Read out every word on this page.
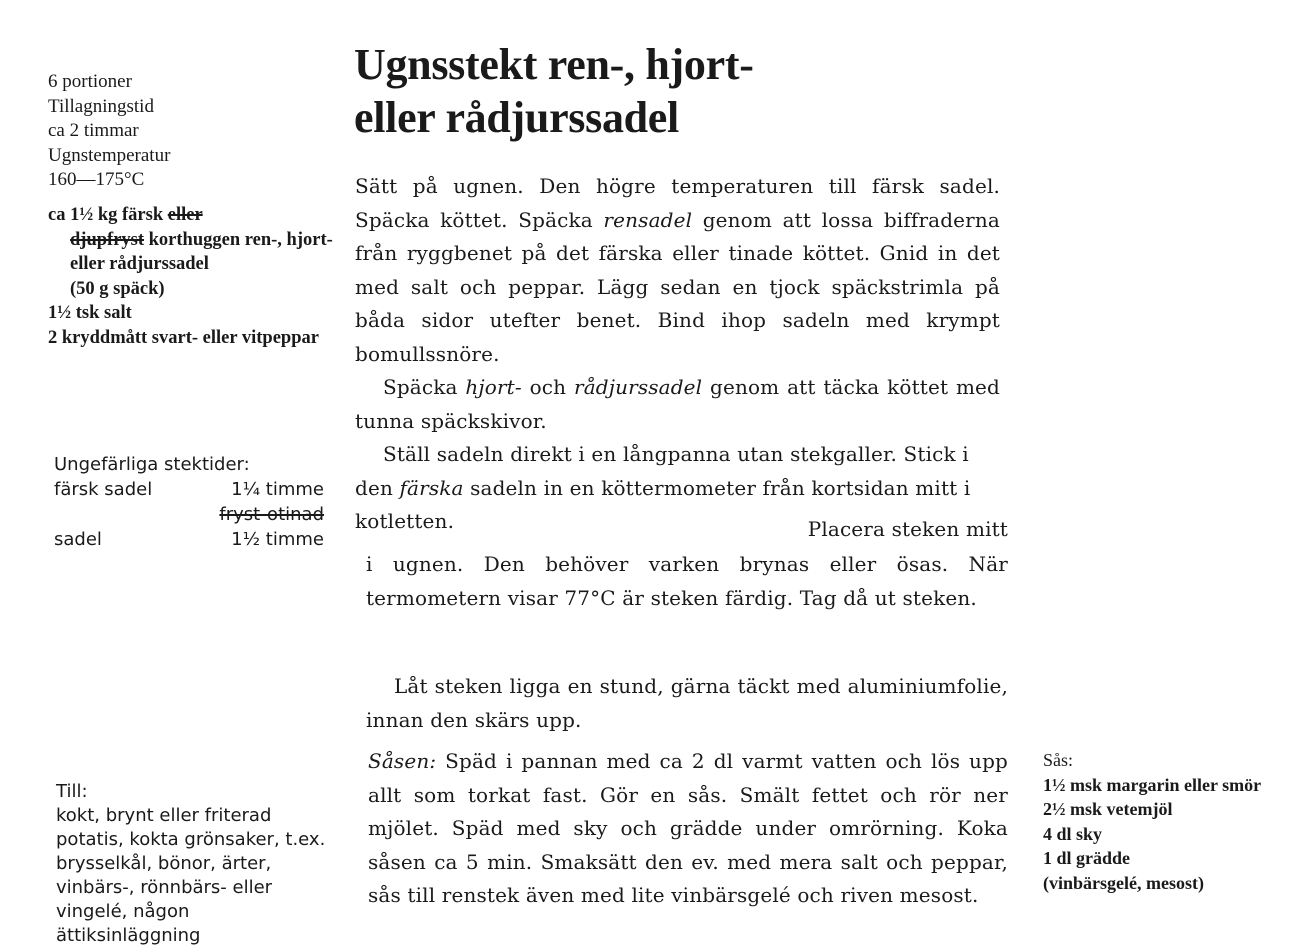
6 portioner
Tillagningstid
ca 2 timmar
Ugnstemperatur
160—175°C
ca 1½ kg färsk eller
djupfryst korthuggen ren-, hjort- eller rådjurssadel
(50 g späck)
1½ tsk salt
2 kryddmått svart- eller vitpeppar
Ungefärliga stektider:
färsk sadel	1¼ timme
fryst-otinad
sadel	1½ timme
Till:
kokt, brynt eller friterad potatis, kokta grönsaker, t.ex. brysselkål, bönor, ärter, vinbärs-, rönnbärs- eller vingelé, någon ättiksinläggning
Ugnsstekt ren-, hjort-
eller rådjurssadel
Sätt på ugnen. Den högre temperaturen till färsk sadel. Späcka köttet. Späcka rensadel genom att lossa biffraderna från ryggbenet på det färska eller tinade köttet. Gnid in det med salt och peppar. Lägg sedan en tjock späckstrimla på båda sidor utefter benet. Bind ihop sadeln med krympt bomullssnöre.
Späcka hjort- och rådjurssadel genom att täcka köttet med tunna späckskivor.
Ställ sadeln direkt i en långpanna utan stekgaller. Stick i den färska sadeln in en köttermometer från kortsidan mitt i kotletten.	Placera steken mitt
i ugnen. Den behöver varken brynas eller ösas. När termometern visar 77°C är steken färdig. Tag då ut steken.
Låt steken ligga en stund, gärna täckt med aluminiumfolie, innan den skärs upp.
Såsen: Späd i pannan med ca 2 dl varmt vatten och lös upp allt som torkat fast. Gör en sås. Smält fettet och rör ner mjölet. Späd med sky och grädde under omrörning. Koka såsen ca 5 min. Smaksätt den ev. med mera salt och peppar, sås till renstek även med lite vinbärsgelé och riven mesost.
Sås:
1½ msk margarin eller smör
2½ msk vetemjöl
4 dl sky
1 dl grädde
(vinbärsgelé, mesost)
